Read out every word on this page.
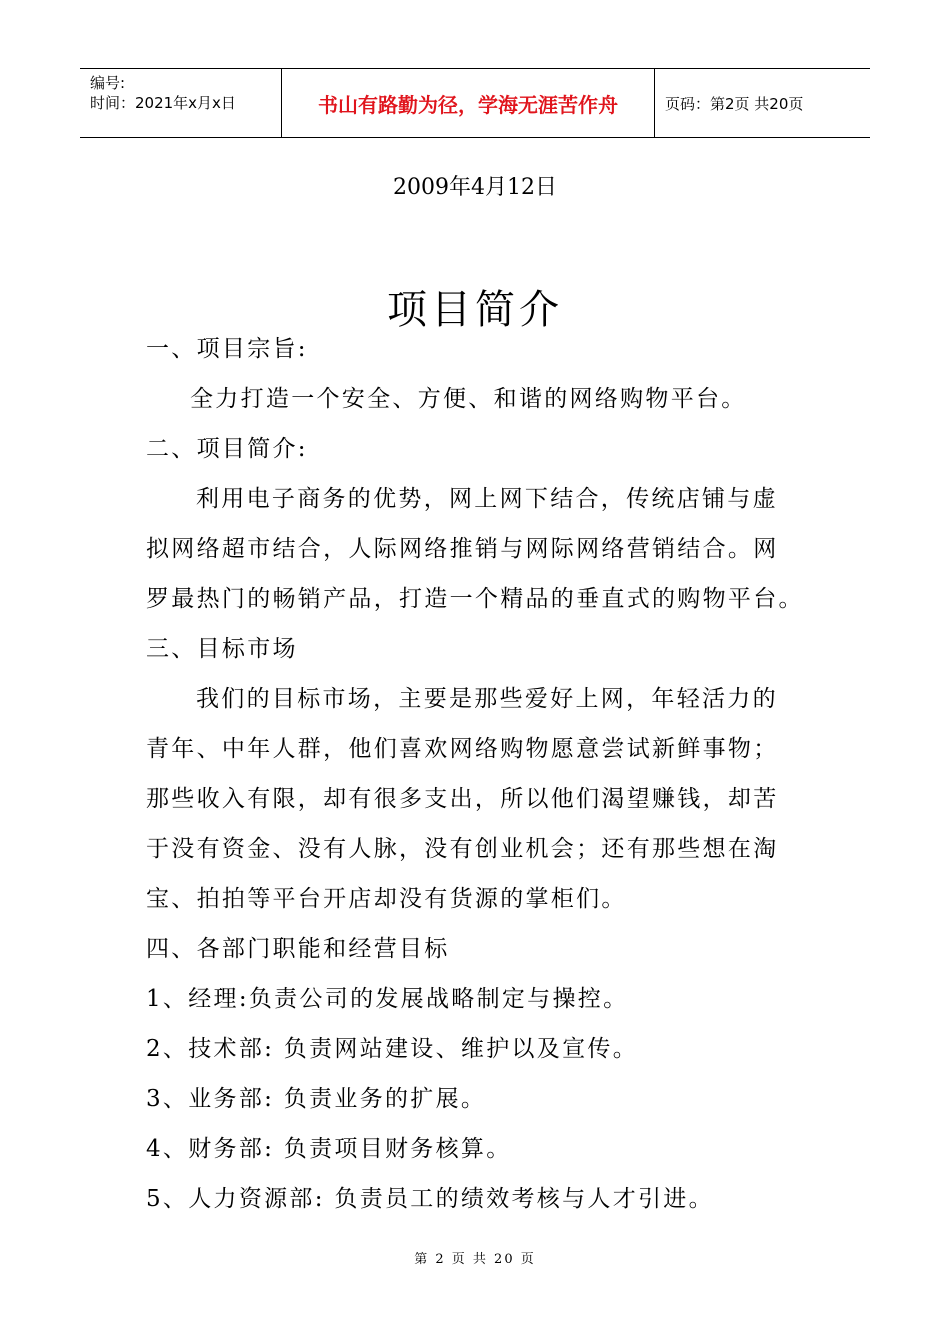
编号:
时间：2021年x月x日	书山有路勤为径，学海无涯苦作舟	页码：第2页 共20页
2009年4月12日
项目简介
一、项目宗旨:
全力打造一个安全、方便、和谐的网络购物平台。
二、项目简介:
利用电子商务的优势，网上网下结合，传统店铺与虚
拟网络超市结合，人际网络推销与网际网络营销结合。网
罗最热门的畅销产品，打造一个精品的垂直式的购物平台。
三、目标市场
我们的目标市场，主要是那些爱好上网，年轻活力的
青年、中年人群，他们喜欢网络购物愿意尝试新鲜事物；
那些收入有限，却有很多支出，所以他们渴望赚钱，却苦
于没有资金、没有人脉，没有创业机会；还有那些想在淘
宝、拍拍等平台开店却没有货源的掌柜们。
四、各部门职能和经营目标
1、经理:负责公司的发展战略制定与操控。
2、技术部: 负责网站建设、维护以及宣传。
3、业务部: 负责业务的扩展。
4、财务部: 负责项目财务核算。
5、人力资源部: 负责员工的绩效考核与人才引进。
第 2 页 共 20 页
